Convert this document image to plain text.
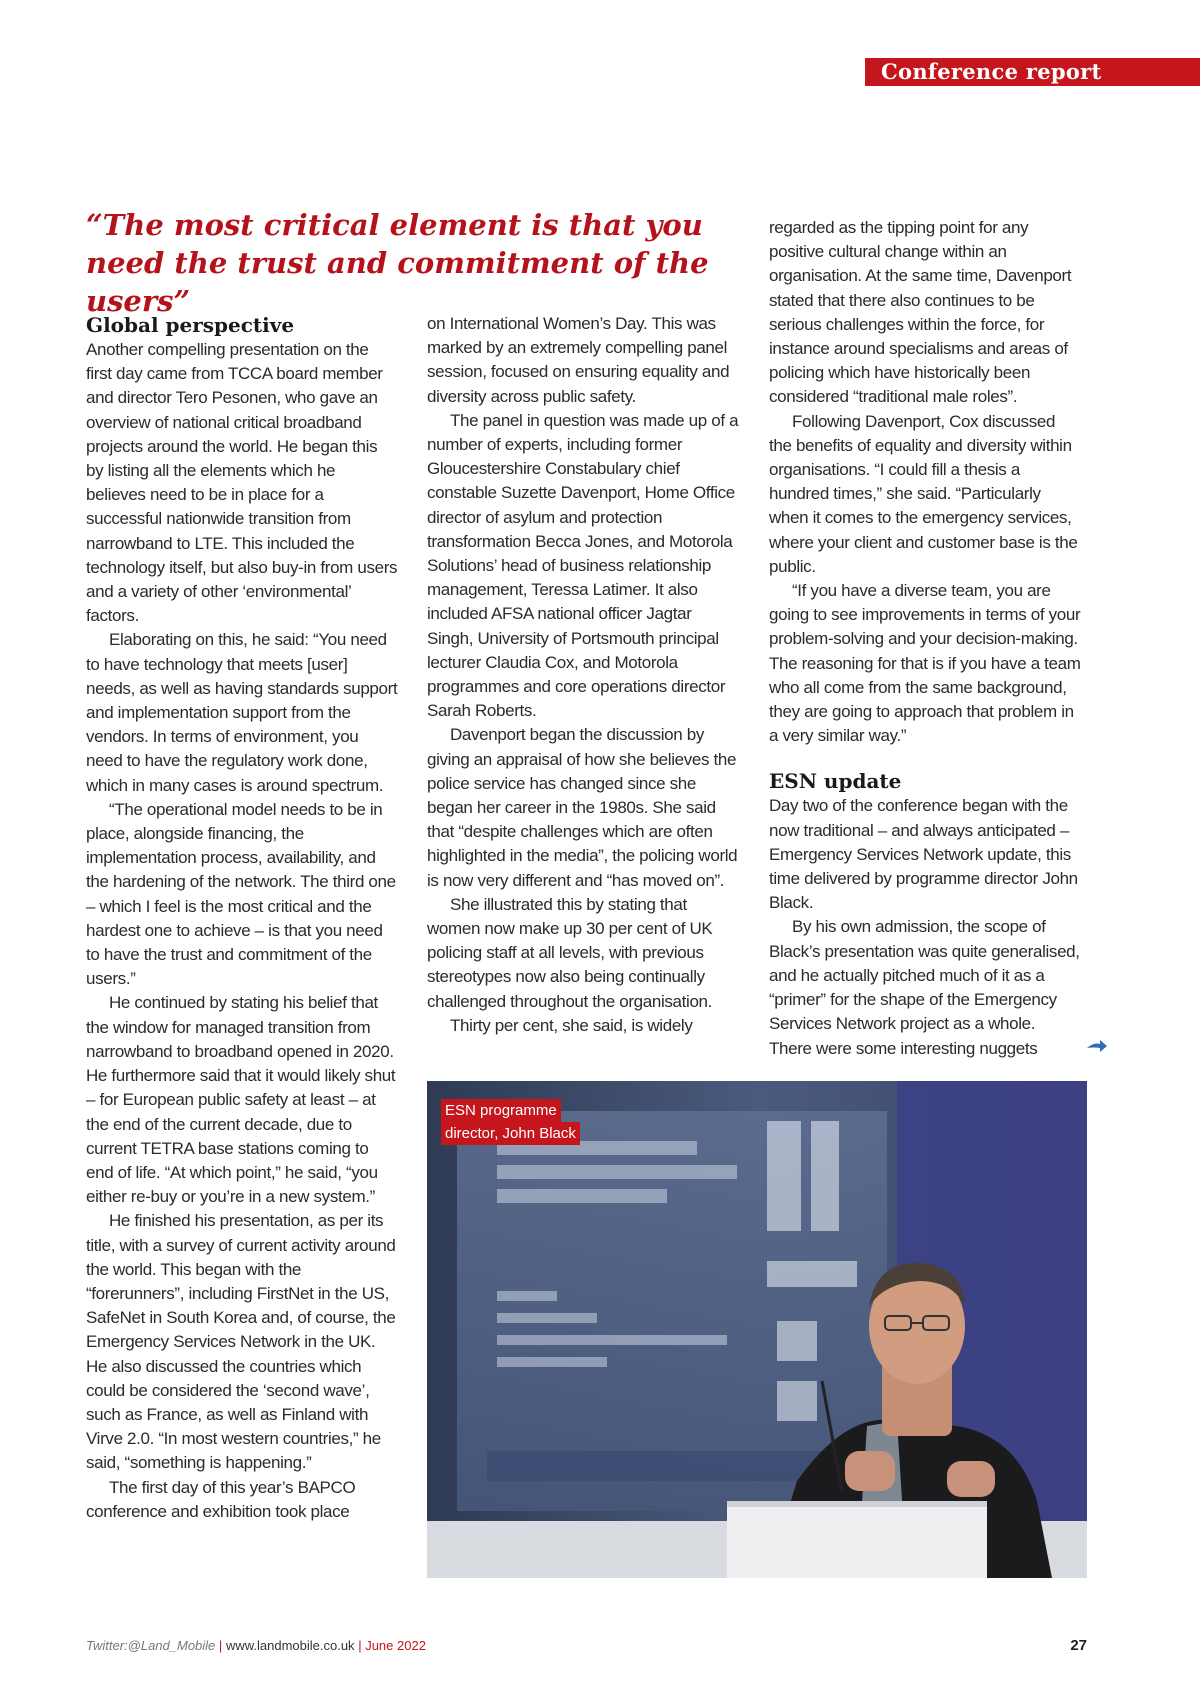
Conference report
“The most critical element is that you need the trust and commitment of the users”
Global perspective

Another compelling presentation on the first day came from TCCA board member and director Tero Pesonen, who gave an overview of national critical broadband projects around the world. He began this by listing all the elements which he believes need to be in place for a successful nationwide transition from narrowband to LTE. This included the technology itself, but also buy-in from users and a variety of other ‘environmental’ factors.

Elaborating on this, he said: “You need to have technology that meets [user] needs, as well as having standards support and implementation support from the vendors. In terms of environment, you need to have the regulatory work done, which in many cases is around spectrum.

“The operational model needs to be in place, alongside financing, the implementation process, availability, and the hardening of the network. The third one – which I feel is the most critical and the hardest one to achieve – is that you need to have the trust and commitment of the users.”

He continued by stating his belief that the window for managed transition from narrowband to broadband opened in 2020. He furthermore said that it would likely shut – for European public safety at least – at the end of the current decade, due to current TETRA base stations coming to end of life. “At which point,” he said, “you either re-buy or you’re in a new system.”

He finished his presentation, as per its title, with a survey of current activity around the world. This began with the “forerunners”, including FirstNet in the US, SafeNet in South Korea and, of course, the Emergency Services Network in the UK. He also discussed the countries which could be considered the ‘second wave’, such as France, as well as Finland with Virve 2.0. “In most western countries,” he said, “something is happening.”

The first day of this year’s BAPCO conference and exhibition took place

on International Women’s Day. This was marked by an extremely compelling panel session, focused on ensuring equality and diversity across public safety.

The panel in question was made up of a number of experts, including former Gloucestershire Constabulary chief constable Suzette Davenport, Home Office director of asylum and protection transformation Becca Jones, and Motorola Solutions’ head of business relationship management, Teressa Latimer. It also included AFSA national officer Jagtar Singh, University of Portsmouth principal lecturer Claudia Cox, and Motorola programmes and core operations director Sarah Roberts.

Davenport began the discussion by giving an appraisal of how she believes the police service has changed since she began her career in the 1980s. She said that “despite challenges which are often highlighted in the media”, the policing world is now very different and “has moved on”.

She illustrated this by stating that women now make up 30 per cent of UK policing staff at all levels, with previous stereotypes now also being continually challenged throughout the organisation.

Thirty per cent, she said, is widely

regarded as the tipping point for any positive cultural change within an organisation. At the same time, Davenport stated that there also continues to be serious challenges within the force, for instance around specialisms and areas of policing which have historically been considered “traditional male roles”.

Following Davenport, Cox discussed the benefits of equality and diversity within organisations. “I could fill a thesis a hundred times,” she said. “Particularly when it comes to the emergency services, where your client and customer base is the public.

“If you have a diverse team, you are going to see improvements in terms of your problem-solving and your decision-making. The reasoning for that is if you have a team who all come from the same background, they are going to approach that problem in a very similar way.”

ESN update

Day two of the conference began with the now traditional – and always anticipated – Emergency Services Network update, this time delivered by programme director John Black.

By his own admission, the scope of Black’s presentation was quite generalised, and he actually pitched much of it as a “primer” for the shape of the Emergency Services Network project as a whole. There were some interesting nuggets

ESN programme
director, John Black
Twitter:@Land_Mobile | www.landmobile.co.uk | June 2022	27
